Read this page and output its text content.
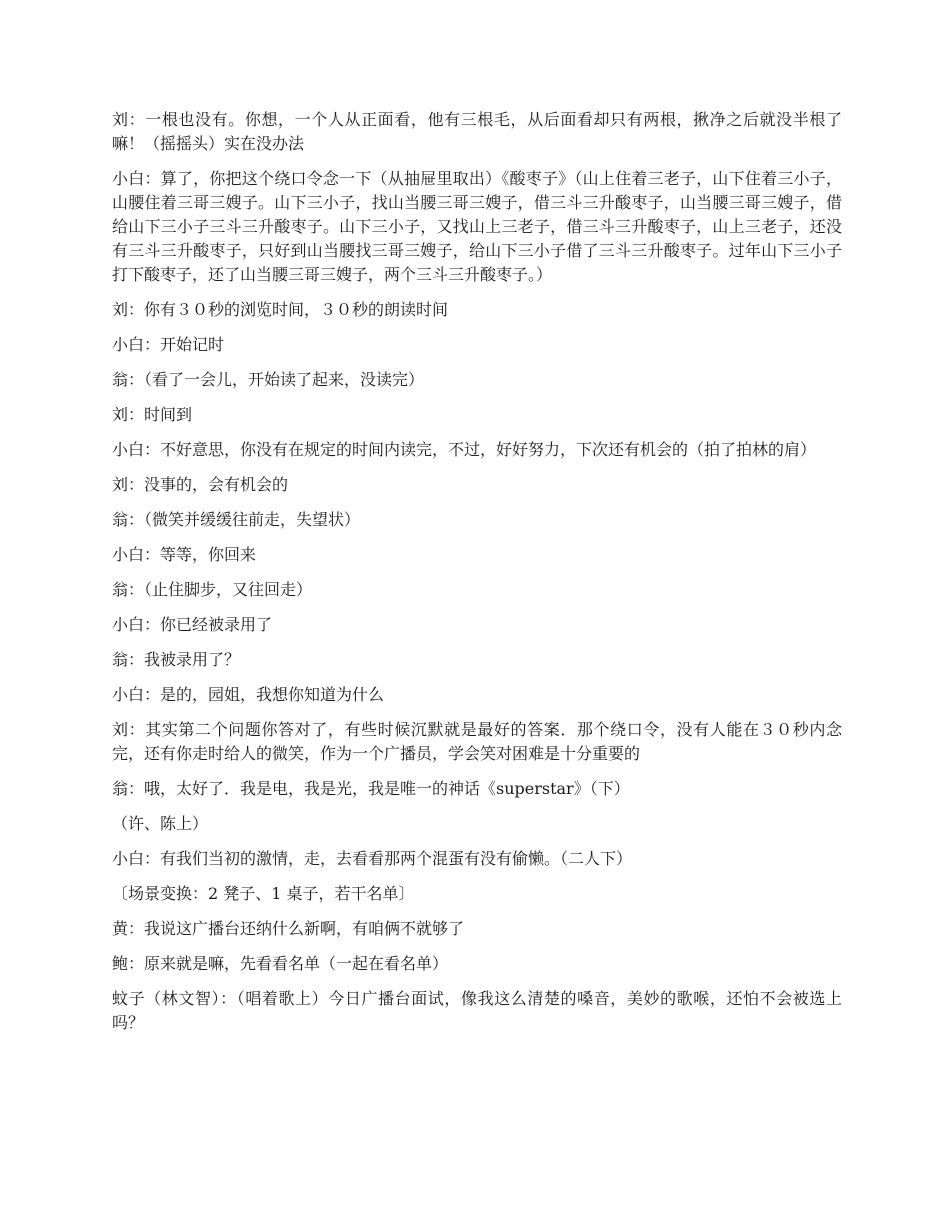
刘：一根也没有。你想，一个人从正面看，他有三根毛，从后面看却只有两根，揪净之后就没半根了嘛！（摇摇头）实在没办法

小白：算了，你把这个绕口令念一下（从抽屉里取出）《酸枣子》（山上住着三老子，山下住着三小子，山腰住着三哥三嫂子。山下三小子，找山当腰三哥三嫂子，借三斗三升酸枣子，山当腰三哥三嫂子，借给山下三小子三斗三升酸枣子。山下三小子，又找山上三老子，借三斗三升酸枣子，山上三老子，还没有三斗三升酸枣子，只好到山当腰找三哥三嫂子，给山下三小子借了三斗三升酸枣子。过年山下三小子打下酸枣子，还了山当腰三哥三嫂子，两个三斗三升酸枣子。）

刘：你有３０秒的浏览时间，３０秒的朗读时间

小白：开始记时

翁：（看了一会儿，开始读了起来，没读完）

刘：时间到

小白：不好意思，你没有在规定的时间内读完，不过，好好努力，下次还有机会的（拍了拍林的肩）

刘：没事的，会有机会的

翁：（微笑并缓缓往前走，失望状）

小白：等等，你回来

翁：（止住脚步，又往回走）

小白：你已经被录用了

翁：我被录用了？

小白：是的，园姐，我想你知道为什么

刘：其实第二个问题你答对了，有些时候沉默就是最好的答案．那个绕口令，没有人能在３０秒内念完，还有你走时给人的微笑，作为一个广播员，学会笑对困难是十分重要的

翁：哦，太好了．我是电，我是光，我是唯一的神话《superstar》（下）

（许、陈上）

小白：有我们当初的激情，走，去看看那两个混蛋有没有偷懒。（二人下）

〔场景变换：2 凳子、1 桌子，若干名单〕

黄：我说这广播台还纳什么新啊，有咱俩不就够了

鲍：原来就是嘛，先看看名单（一起在看名单）

蚊子（林文智）：（唱着歌上）今日广播台面试，像我这么清楚的嗓音，美妙的歌喉，还怕不会被选上吗？
